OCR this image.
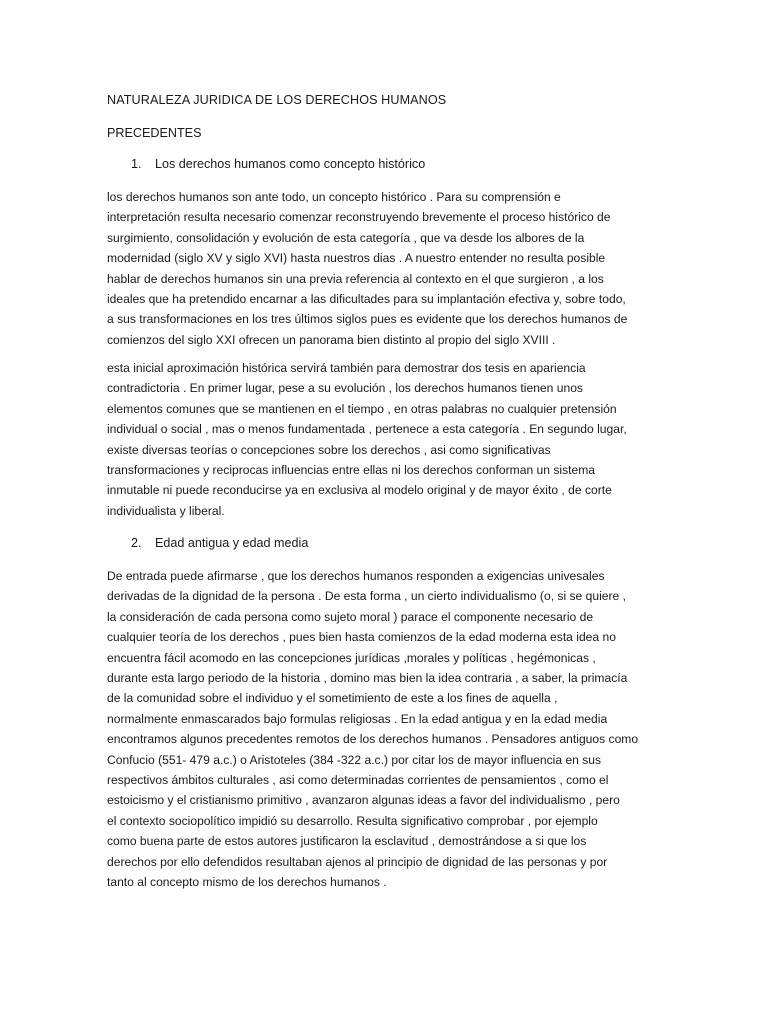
NATURALEZA JURIDICA DE LOS DERECHOS HUMANOS
PRECEDENTES
1. Los derechos humanos como concepto histórico

los derechos humanos son ante todo, un concepto histórico . Para su comprensión e
interpretación resulta necesario comenzar reconstruyendo brevemente el proceso histórico de
surgimiento, consolidación y evolución de esta categoría , que va desde los albores de la
modernidad (siglo XV y siglo XVI) hasta nuestros dias . A nuestro entender no resulta posible
hablar de derechos humanos sin una previa referencia al contexto en el que surgieron , a los
ideales que ha pretendido encarnar a las dificultades para su implantación efectiva y, sobre todo,
a sus transformaciones en los tres últimos siglos pues es evidente que los derechos humanos de
comienzos del siglo XXI ofrecen un panorama bien distinto al propio del siglo XVIII .

esta inicial aproximación histórica servirá también para demostrar dos tesis en apariencia
contradictoria . En primer lugar, pese a su evolución , los derechos humanos tienen unos
elementos comunes que se mantienen en el tiempo , en otras palabras no cualquier pretensión
individual o social , mas o menos fundamentada , pertenece a esta categoría . En segundo lugar,
existe diversas teorías o concepciones sobre los derechos , asi como significativas
transformaciones y reciprocas influencias entre ellas ni los derechos conforman un sistema
inmutable ni puede reconducirse ya en exclusiva al modelo original y de mayor éxito , de corte
individualista y liberal.

2. Edad antigua y edad media

De entrada puede afirmarse , que los derechos humanos responden a exigencias univesales
derivadas de la dignidad de la persona . De esta forma , un cierto individualismo (o, si se quiere ,
la consideración de cada persona como sujeto moral ) parace el componente necesario de
cualquier teoría de los derechos , pues bien hasta comienzos de la edad moderna esta idea no
encuentra fácil acomodo en las concepciones jurídicas ,morales y políticas , hegémonicas ,
durante esta largo periodo de la historia , domino mas bien la idea contraria , a saber, la primacía
de la comunidad sobre el individuo y el sometimiento de este a los fines de aquella ,
normalmente enmascarados bajo formulas religiosas . En la edad antigua y en la edad media
encontramos algunos precedentes remotos de los derechos humanos . Pensadores antiguos como
Confucio (551- 479 a.c.) o Aristoteles (384 -322 a.c.) por citar los de mayor influencia en sus
respectivos ámbitos culturales , asi como determinadas corrientes de pensamientos , como el
estoicismo y el cristianismo primitivo , avanzaron algunas ideas a favor del individualismo , pero
el contexto sociopolítico impidió su desarrollo. Resulta significativo comprobar , por ejemplo
como buena parte de estos autores justificaron la esclavitud , demostrándose a si que los
derechos por ello defendidos resultaban ajenos al principio de dignidad de las personas y por
tanto al concepto mismo de los derechos humanos .
